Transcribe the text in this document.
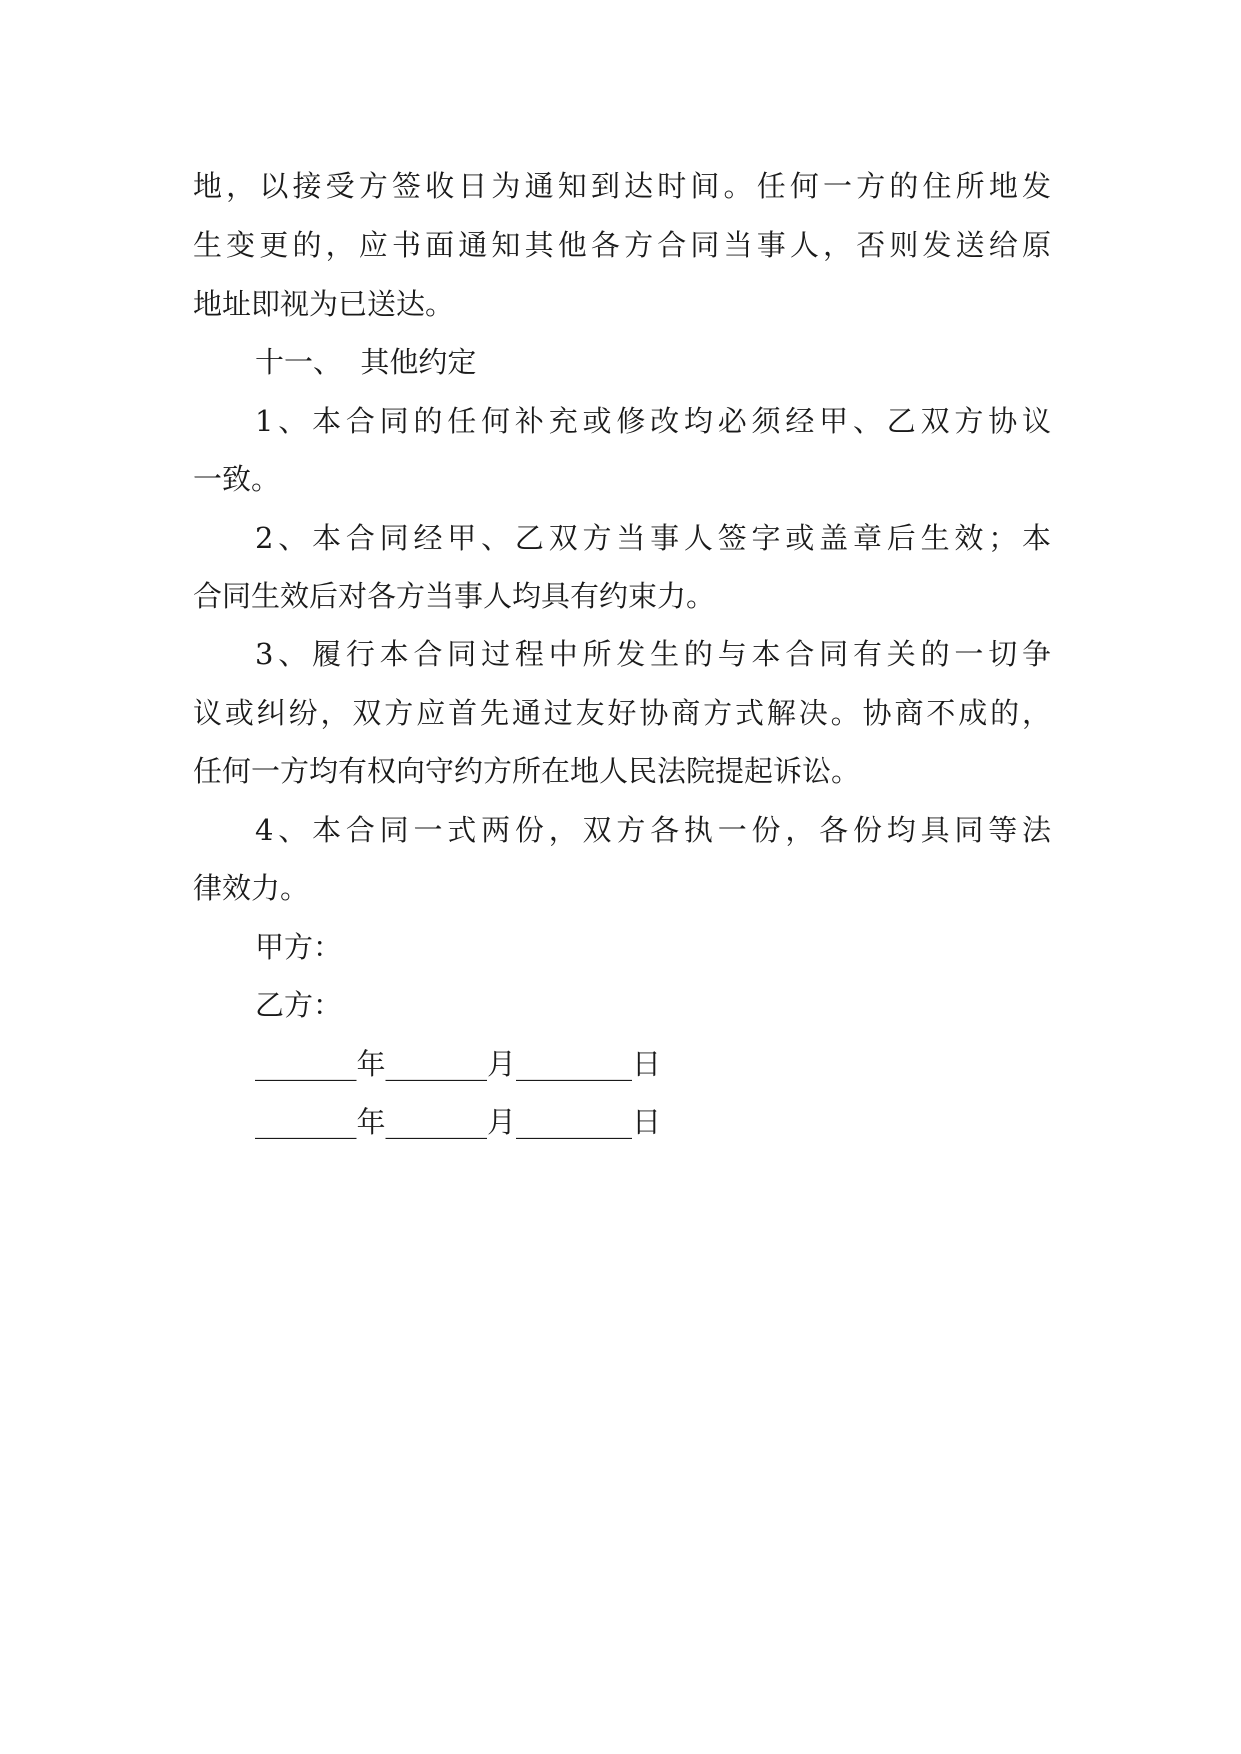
地，以接受方签收日为通知到达时间。任何一方的住所地发

生变更的，应书面通知其他各方合同当事人，否则发送给原

地址即视为已送达。

十一、  其他约定

1、本合同的任何补充或修改均必须经甲、乙双方协议

一致。

2、本合同经甲、乙双方当事人签字或盖章后生效；本

合同生效后对各方当事人均具有约束力。

3、履行本合同过程中所发生的与本合同有关的一切争

议或纠纷，双方应首先通过友好协商方式解决。协商不成的，

任何一方均有权向守约方所在地人民法院提起诉讼。

4、本合同一式两份，双方各执一份，各份均具同等法

律效力。

甲方：

乙方：

_______年_______月________日

_______年_______月________日
